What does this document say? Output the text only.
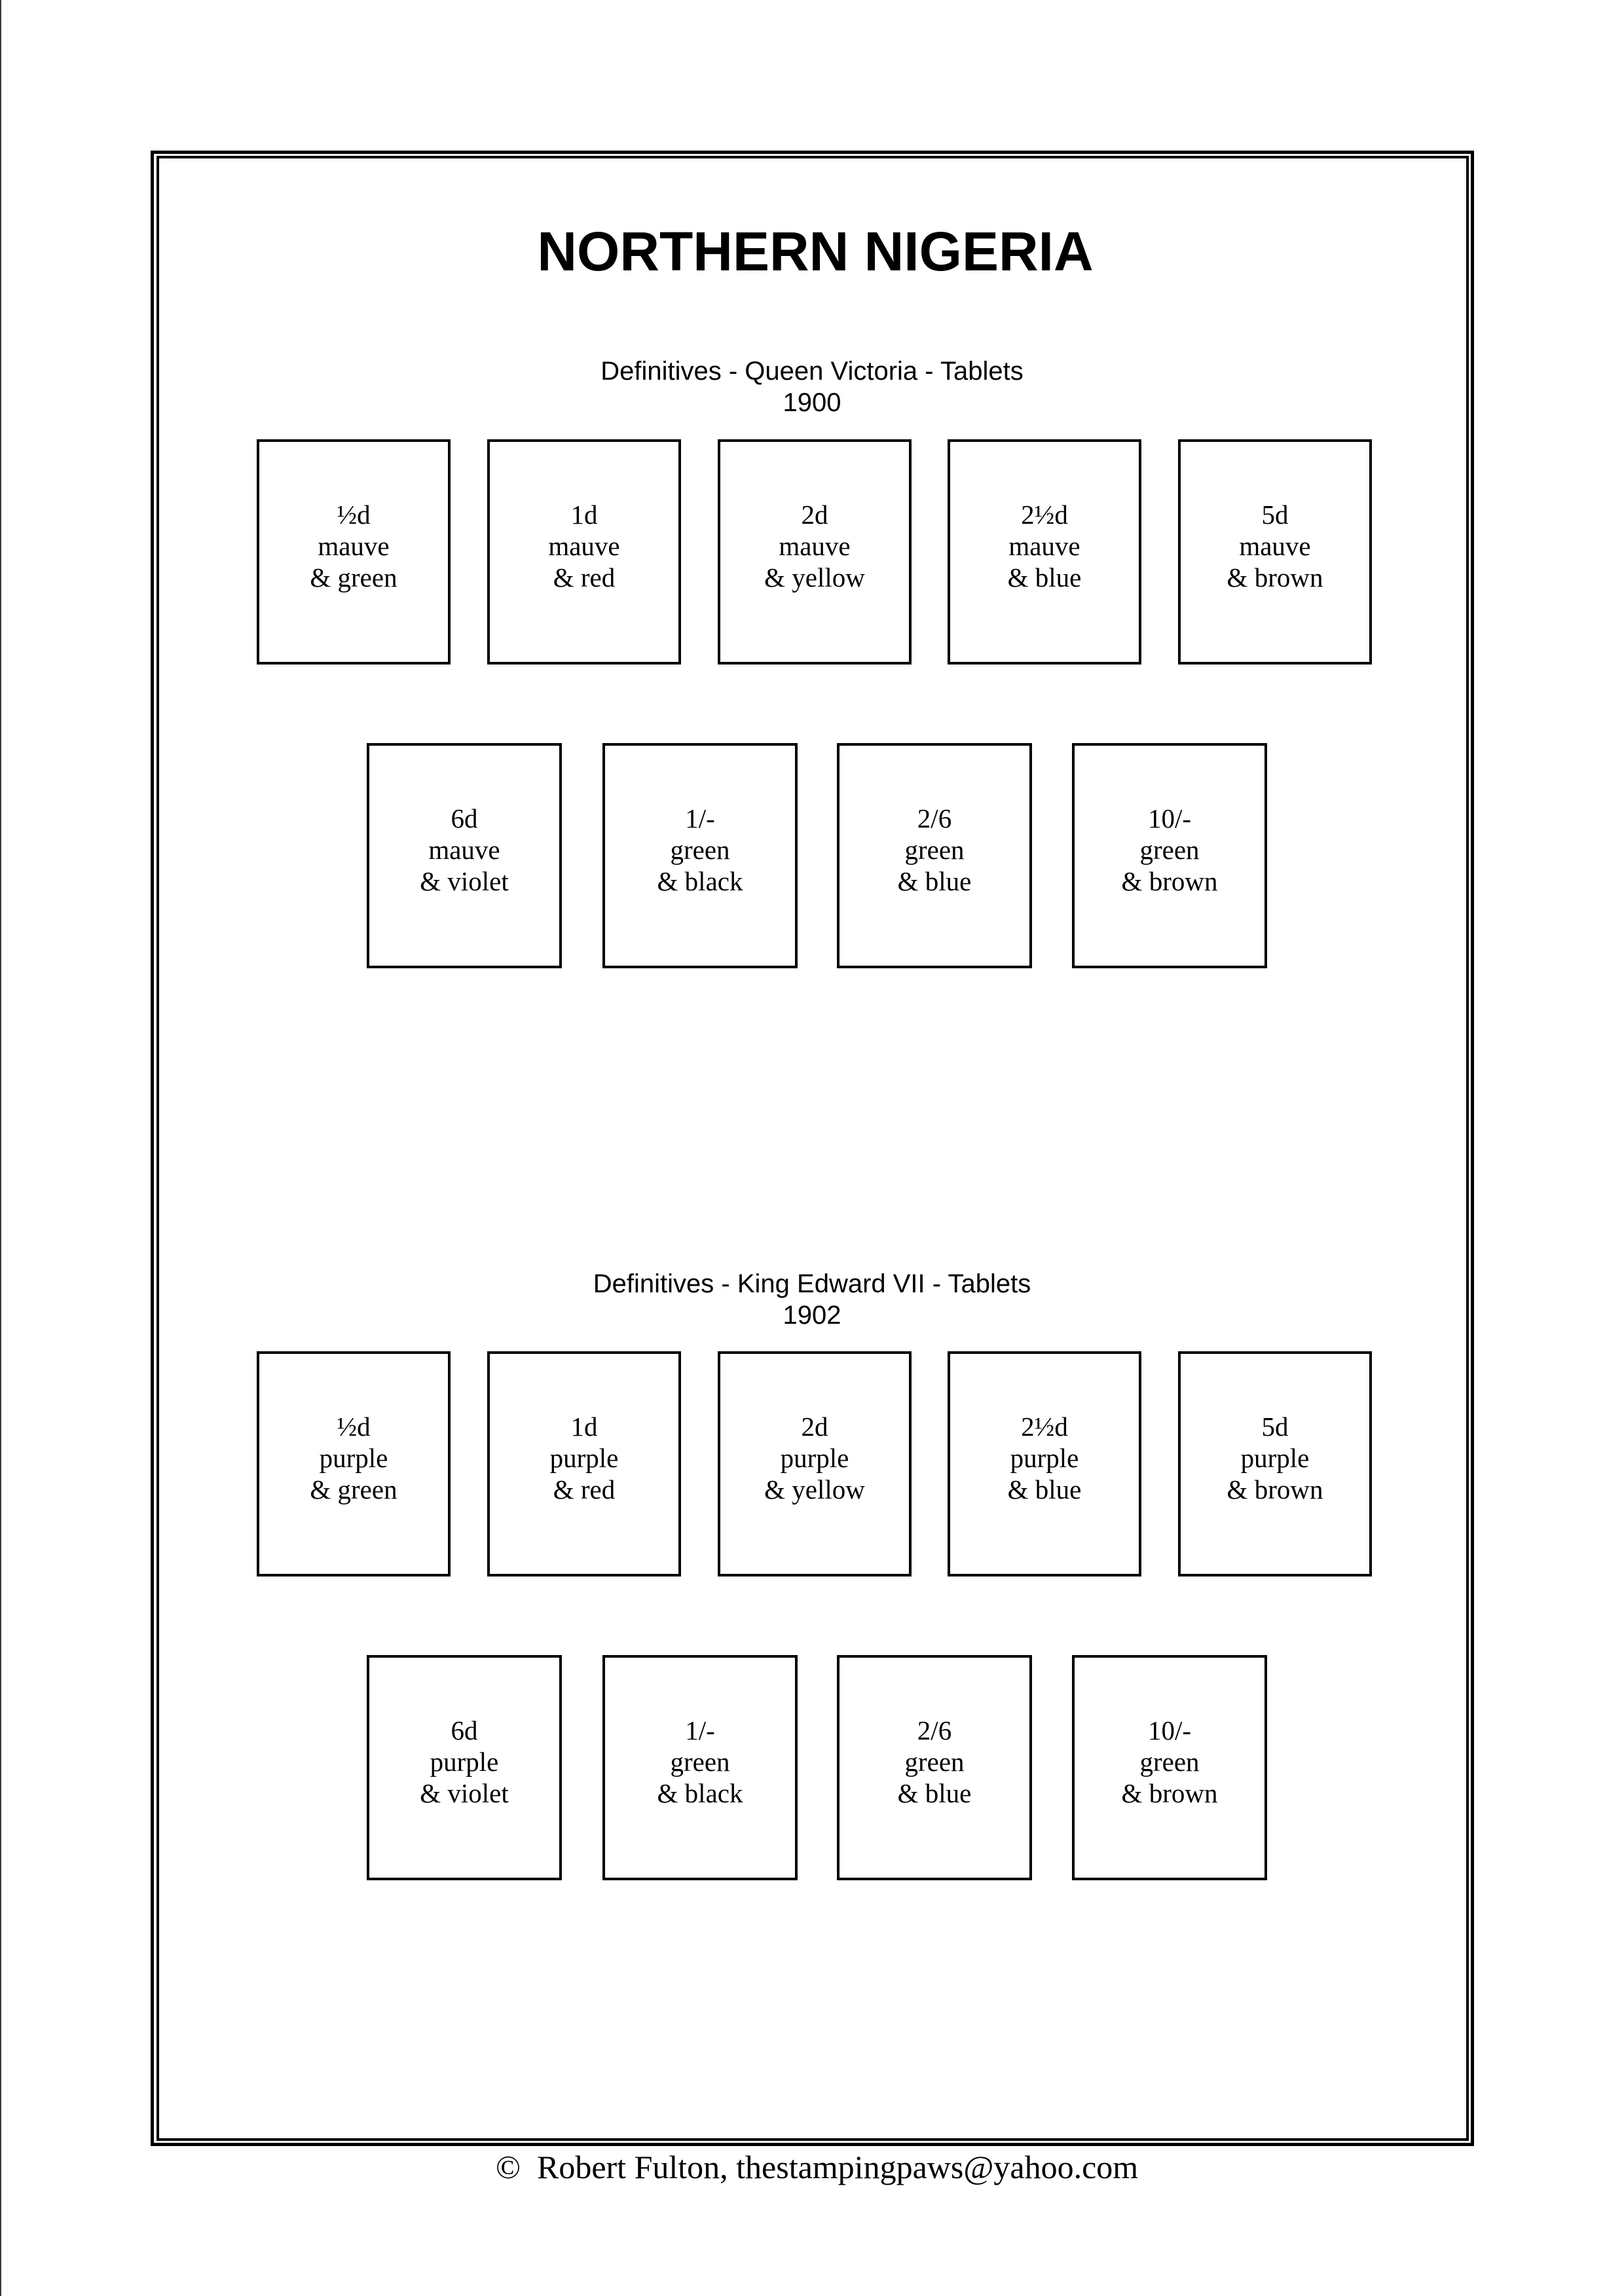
NORTHERN NIGERIA
Definitives - Queen Victoria - Tablets
1900
½d
mauve
& green
1d
mauve
& red
2d
mauve
& yellow
2½d
mauve
& blue
5d
mauve
& brown
6d
mauve
& violet
1/-
green
& black
2/6
green
& blue
10/-
green
& brown
Definitives - King Edward VII - Tablets
1902
½d
purple
& green
1d
purple
& red
2d
purple
& yellow
2½d
purple
& blue
5d
purple
& brown
6d
purple
& violet
1/-
green
& black
2/6
green
& blue
10/-
green
& brown
©  Robert Fulton, thestampingpaws@yahoo.com
